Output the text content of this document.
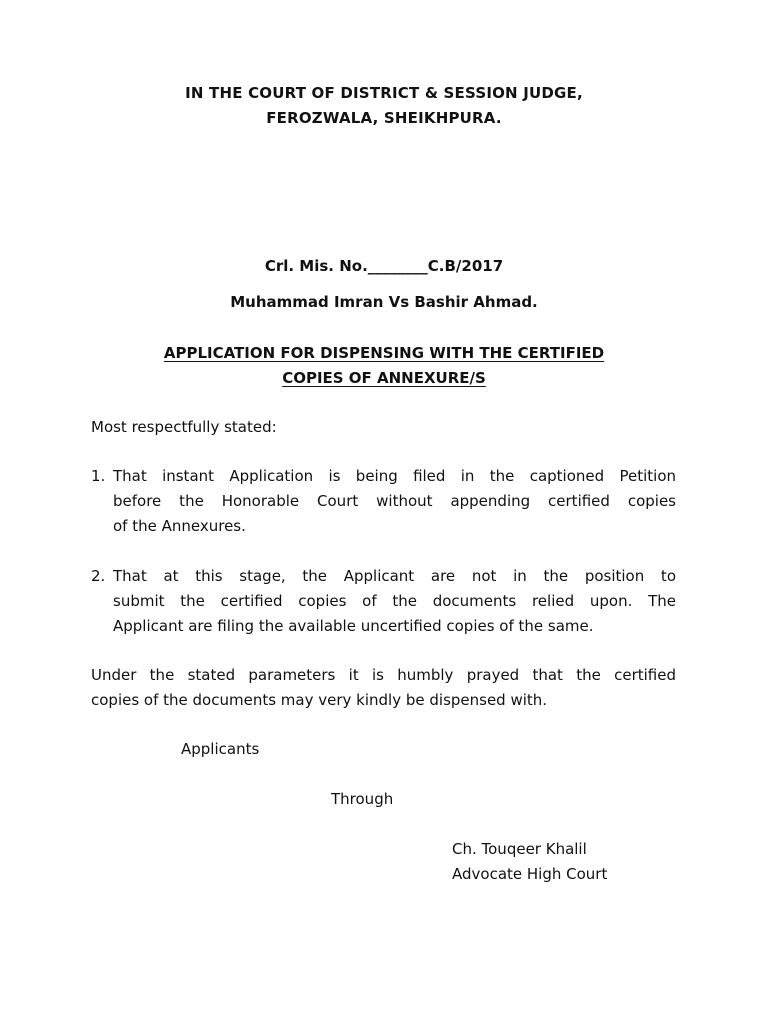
IN THE COURT OF DISTRICT & SESSION JUDGE,
FEROZWALA, SHEIKHPURA.
Crl. Mis. No.________C.B/2017
Muhammad Imran Vs Bashir Ahmad.
APPLICATION FOR DISPENSING WITH THE CERTIFIED
COPIES OF ANNEXURE/S
Most respectfully stated:
1. That instant Application is being filed in the captioned Petition
before the Honorable Court without appending certified copies
of the Annexures.
2. That at this stage, the Applicant are not in the position to
submit the certified copies of the documents relied upon. The
Applicant are filing the available uncertified copies of the same.
Under the stated parameters it is humbly prayed that the certified
copies of the documents may very kindly be dispensed with.
Applicants
Through
Ch. Touqeer Khalil
Advocate High Court
